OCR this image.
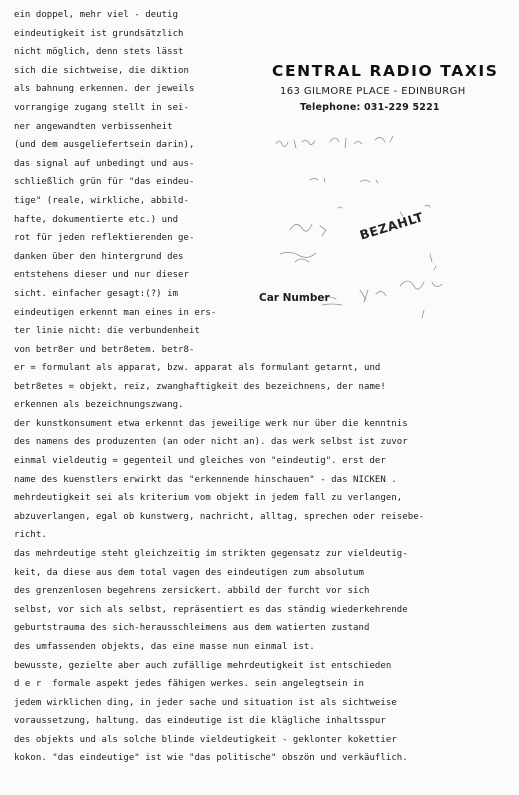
ein doppel, mehr viel - deutig
eindeutigkeit ist grundsätzlich
nicht möglich, denn stets lässt
sich die sichtweise, die diktion
als bahnung erkennen. der jeweils
vorrangige zugang stellt in sei-
ner angewandten verbissenheit
(und dem ausgeliefertsein darin),
das signal auf unbedingt und aus-
schließlich grün für "das eindeu-
tige" (reale, wirkliche, abbild-
hafte, dokumentierte etc.) und
rot für jeden reflektierenden ge-
danken über den hintergrund des
entstehens dieser und nur dieser
sicht. einfacher gesagt:(?) im
eindeutigen erkennt man eines in ers-
ter linie nicht: die verbundenheit
von betr8er und betr8etem. betr8-
CENTRAL RADIO TAXIS
163 GILMORE PLACE - EDINBURGH
Telephone: 031-229 5221
BEZAHLT
Car Number
er = formulant als apparat, bzw. apparat als formulant getarnt, und
betr8etes = objekt, reiz, zwanghaftigkeit des bezeichnens, der name!
erkennen als bezeichnungszwang.
der kunstkonsument etwa erkennt das jeweilige werk nur über die kenntnis
des namens des produzenten (an oder nicht an). das werk selbst ist zuvor
einmal vieldeutig = gegenteil und gleiches von "eindeutig". erst der
name des kuenstlers erwirkt das "erkennende hinschauen" - das NICKEN .
mehrdeutigkeit sei als kriterium vom objekt in jedem fall zu verlangen,
abzuverlangen, egal ob kunstwerg, nachricht, alltag, sprechen oder reisebe-
richt.
das mehrdeutige steht gleichzeitig im strikten gegensatz zur vieldeutig-
keit, da diese aus dem total vagen des eindeutigen zum absolutum
des grenzenlosen begehrens zersickert. abbild der furcht vor sich
selbst, vor sich als selbst, repräsentiert es das ständig wiederkehrende
geburtstrauma des sich-herausschleimens aus dem watierten zustand
des umfassenden objekts, das eine masse nun einmal ist.
bewusste, gezielte aber auch zufällige mehrdeutigkeit ist entschieden
d e r  formale aspekt jedes fähigen werkes. sein angelegtsein in
jedem wirklichen ding, in jeder sache und situation ist als sichtweise
voraussetzung, haltung. das eindeutige ist die klägliche inhaltsspur
des objekts und als solche blinde vieldeutigkeit - geklonter kokettier
kokon. "das eindeutige" ist wie "das politische" obszön und verkäuflich.
